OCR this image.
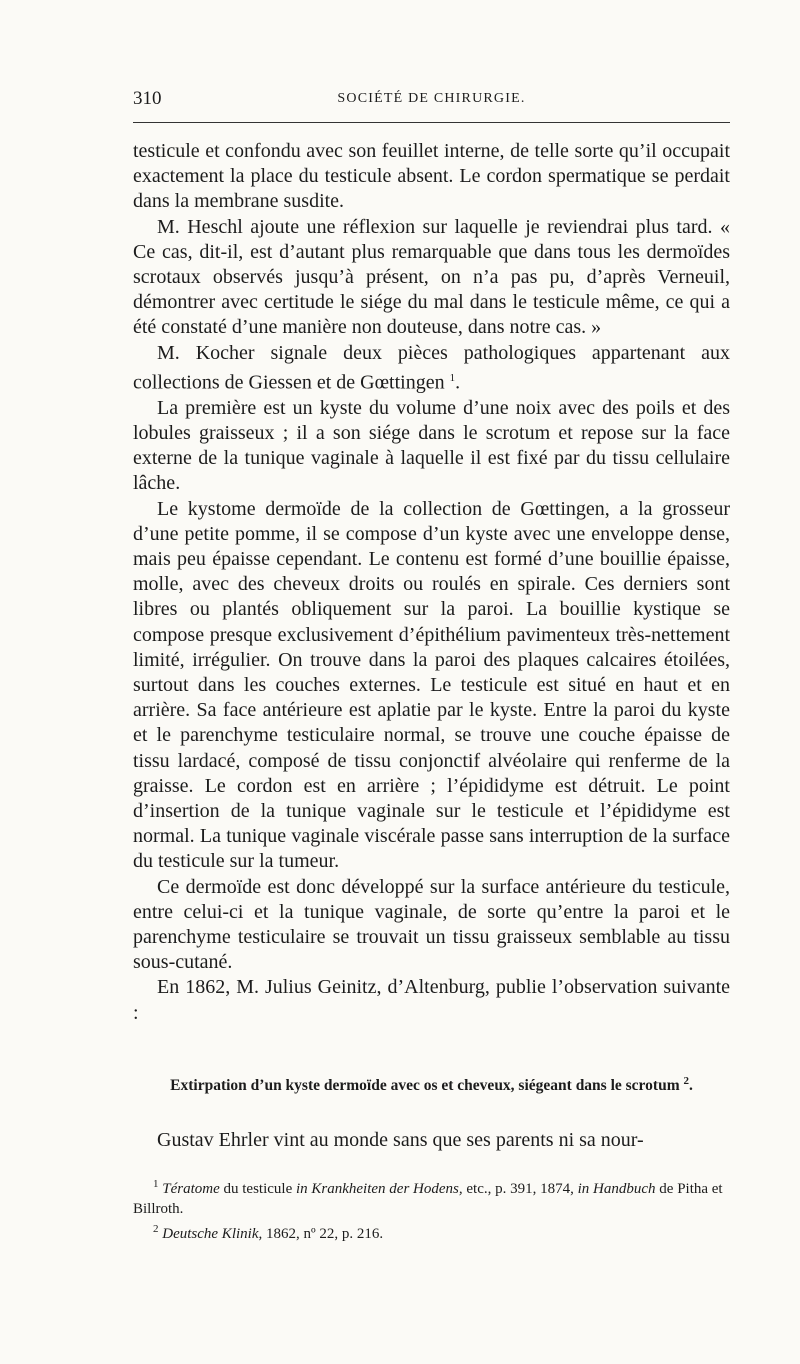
310	SOCIÉTÉ DE CHIRURGIE.

testicule et confondu avec son feuillet interne, de telle sorte qu’il occupait exactement la place du testicule absent. Le cordon spermatique se perdait dans la membrane susdite.

M. Heschl ajoute une réflexion sur laquelle je reviendrai plus tard. « Ce cas, dit-il, est d’autant plus remarquable que dans tous les dermoïdes scrotaux observés jusqu’à présent, on n’a pas pu, d’après Verneuil, démontrer avec certitude le siége du mal dans le testicule même, ce qui a été constaté d’une manière non douteuse, dans notre cas. »

M. Kocher signale deux pièces pathologiques appartenant aux collections de Giessen et de Gœttingen $^1$.

La première est un kyste du volume d’une noix avec des poils et des lobules graisseux ; il a son siége dans le scrotum et repose sur la face externe de la tunique vaginale à laquelle il est fixé par du tissu cellulaire lâche.

Le kystome dermoïde de la collection de Gœttingen, a la grosseur d’une petite pomme, il se compose d’un kyste avec une enveloppe dense, mais peu épaisse cependant. Le contenu est formé d’une bouillie épaisse, molle, avec des cheveux droits ou roulés en spirale. Ces derniers sont libres ou plantés obliquement sur la paroi. La bouillie kystique se compose presque exclusivement d’épithélium pavimenteux très-nettement limité, irrégulier. On trouve dans la paroi des plaques calcaires étoilées, surtout dans les couches externes. Le testicule est situé en haut et en arrière. Sa face antérieure est aplatie par le kyste. Entre la paroi du kyste et le parenchyme testiculaire normal, se trouve une couche épaisse de tissu lardacé, composé de tissu conjonctif alvéolaire qui renferme de la graisse. Le cordon est en arrière ; l’épididyme est détruit. Le point d’insertion de la tunique vaginale sur le testicule et l’épididyme est normal. La tunique vaginale viscérale passe sans interruption de la surface du testicule sur la tumeur.

Ce dermoïde est donc développé sur la surface antérieure du testicule, entre celui-ci et la tunique vaginale, de sorte qu’entre la paroi et le parenchyme testiculaire se trouvait un tissu graisseux semblable au tissu sous-cutané.

En 1862, M. Julius Geinitz, d’Altenburg, publie l’observation suivante :

Extirpation d’un kyste dermoïde avec os et cheveux, siégeant dans le scrotum $^2$.
Gustav Ehrler vint au monde sans que ses parents ni sa nour-
$^1$ Tératome du testicule in Krankheiten der Hodens, etc., p. 391, 1874, in Handbuch de Pitha et Billroth.
$^2$ Deutsche Klinik, 1862, nº 22, p. 216.
